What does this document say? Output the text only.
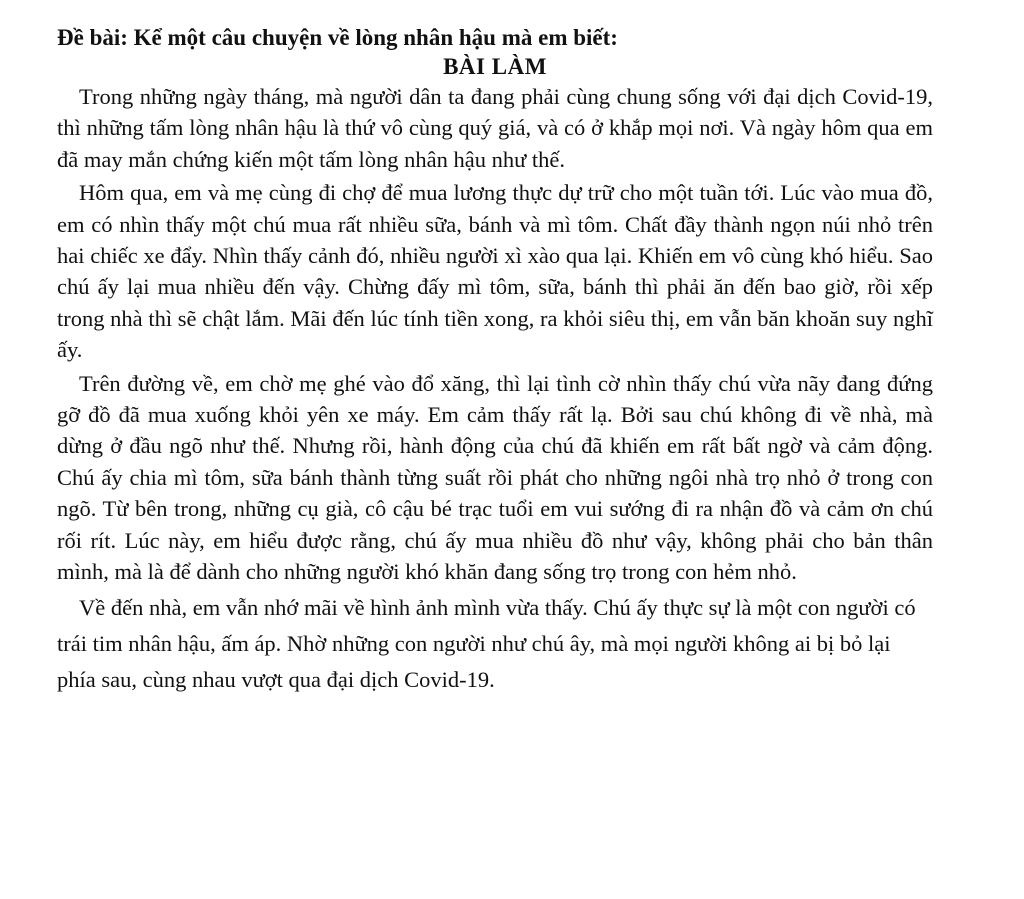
Đề bài: Kể một câu chuyện về lòng nhân hậu mà em biết:

BÀI LÀM

Trong những ngày tháng, mà người dân ta đang phải cùng chung sống với đại dịch Covid-19, thì những tấm lòng nhân hậu là thứ vô cùng quý giá, và có ở khắp mọi nơi. Và ngày hôm qua em đã may mắn chứng kiến một tấm lòng nhân hậu như thế.

Hôm qua, em và mẹ cùng đi chợ để mua lương thực dự trữ cho một tuần tới. Lúc vào mua đồ, em có nhìn thấy một chú mua rất nhiều sữa, bánh và mì tôm. Chất đầy thành ngọn núi nhỏ trên hai chiếc xe đẩy. Nhìn thấy cảnh đó, nhiều người xì xào qua lại. Khiến em vô cùng khó hiểu. Sao chú ấy lại mua nhiều đến vậy. Chừng đấy mì tôm, sữa, bánh thì phải ăn đến bao giờ, rồi xếp trong nhà thì sẽ chật lắm. Mãi đến lúc tính tiền xong, ra khỏi siêu thị, em vẫn băn khoăn suy nghĩ ấy.

Trên đường về, em chờ mẹ ghé vào đổ xăng, thì lại tình cờ nhìn thấy chú vừa nãy đang đứng gỡ đồ đã mua xuống khỏi yên xe máy. Em cảm thấy rất lạ. Bởi sau chú không đi về nhà, mà dừng ở đầu ngõ như thế. Nhưng rồi, hành động của chú đã khiến em rất bất ngờ và cảm động. Chú ấy chia mì tôm, sữa bánh thành từng suất rồi phát cho những ngôi nhà trọ nhỏ ở trong con ngõ. Từ bên trong, những cụ già, cô cậu bé trạc tuổi em vui sướng đi ra nhận đồ và cảm ơn chú rối rít. Lúc này, em hiểu được rằng, chú ấy mua nhiều đồ như vậy, không phải cho bản thân mình, mà là để dành cho những người khó khăn đang sống trọ trong con hẻm nhỏ.

Về đến nhà, em vẫn nhớ mãi về hình ảnh mình vừa thấy. Chú ấy thực sự là một con người có trái tim nhân hậu, ấm áp. Nhờ những con người như chú ây, mà mọi người không ai bị bỏ lại phía sau, cùng nhau vượt qua đại dịch Covid-19.
